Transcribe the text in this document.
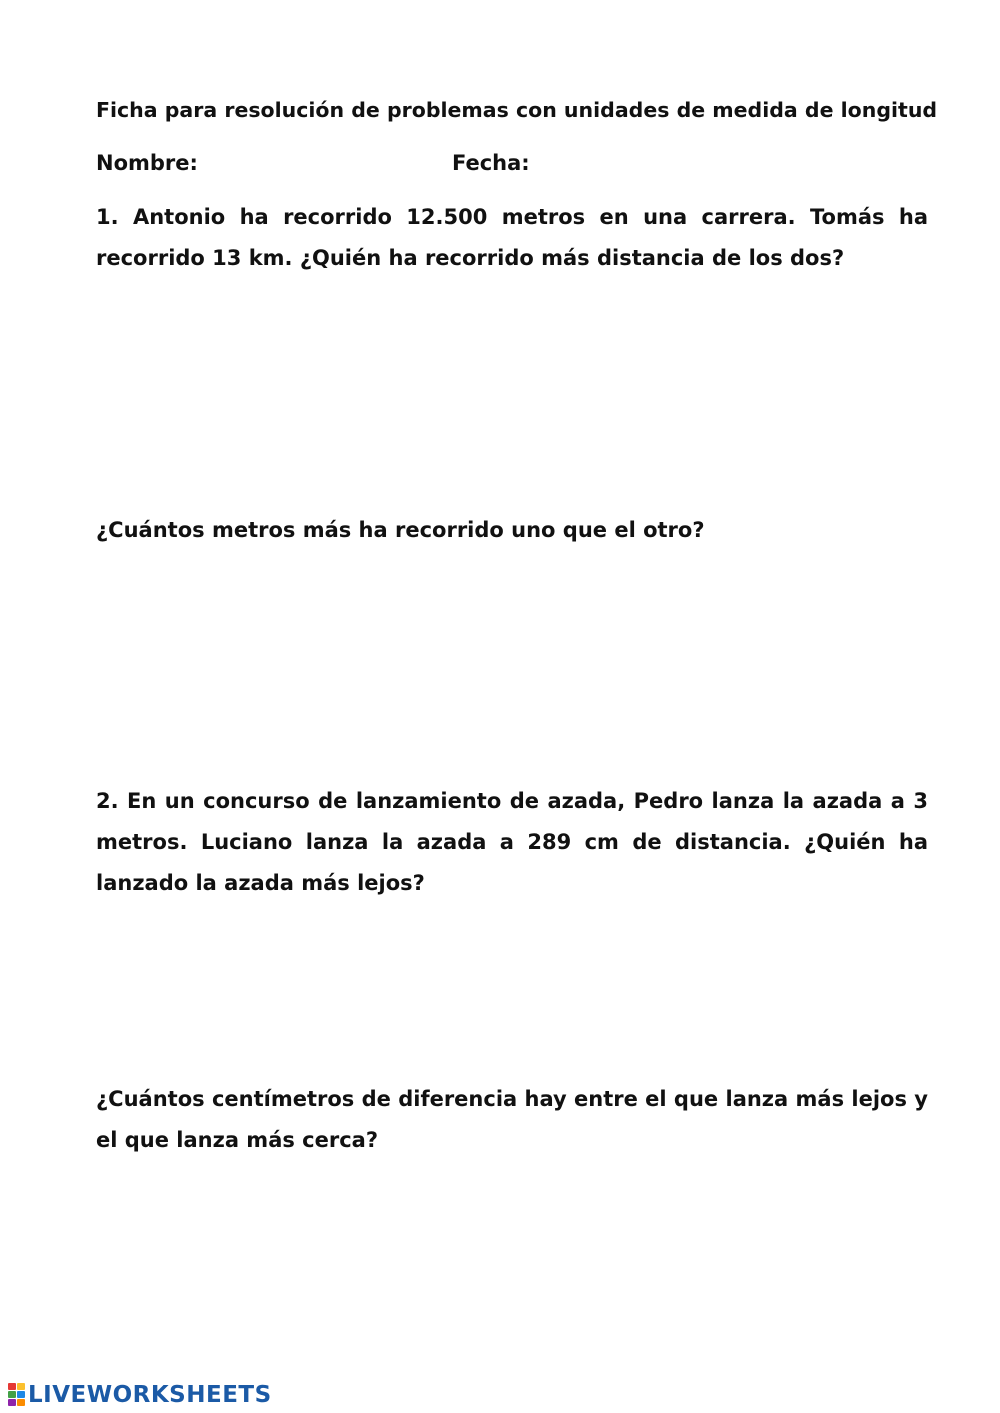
Ficha para resolución de problemas con unidades de medida de longitud

Nombre:	Fecha:

1. Antonio ha recorrido 12.500 metros en una carrera. Tomás ha recorrido 13 km. ¿Quién ha recorrido más distancia de los dos?

¿Cuántos metros más ha recorrido uno que el otro?

2. En un concurso de lanzamiento de azada, Pedro lanza la azada a 3 metros. Luciano lanza la azada a 289 cm de distancia. ¿Quién ha lanzado la azada más lejos?

¿Cuántos centímetros de diferencia hay entre el que lanza más lejos y el que lanza más cerca?

LIVEWORKSHEETS
